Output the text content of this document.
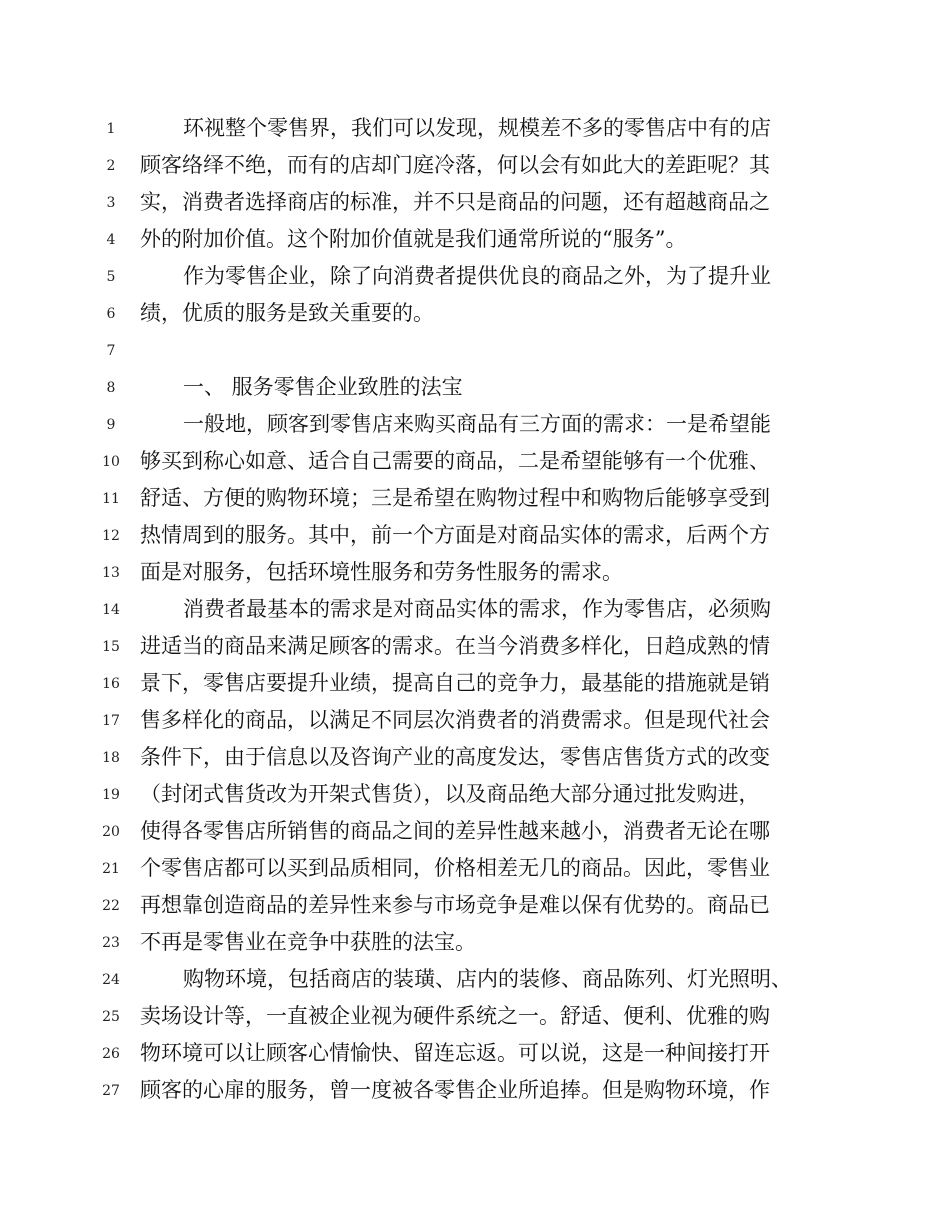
1	环视整个零售界，我们可以发现，规模差不多的零售店中有的店
2	顾客络绎不绝，而有的店却门庭冷落，何以会有如此大的差距呢？其
3	实，消费者选择商店的标准，并不只是商品的问题，还有超越商品之
4	外的附加价值。这个附加价值就是我们通常所说的“服务”。
5	作为零售企业，除了向消费者提供优良的商品之外，为了提升业
6	绩，优质的服务是致关重要的。
7
8	一、 服务零售企业致胜的法宝
9	一般地，顾客到零售店来购买商品有三方面的需求：一是希望能
10 够买到称心如意、适合自己需要的商品，二是希望能够有一个优雅、
11 舒适、方便的购物环境；三是希望在购物过程中和购物后能够享受到
12 热情周到的服务。其中，前一个方面是对商品实体的需求，后两个方
13 面是对服务，包括环境性服务和劳务性服务的需求。
14	消费者最基本的需求是对商品实体的需求，作为零售店，必须购
15 进适当的商品来满足顾客的需求。在当今消费多样化，日趋成熟的情
16 景下，零售店要提升业绩，提高自己的竞争力，最基能的措施就是销
17 售多样化的商品，以满足不同层次消费者的消费需求。但是现代社会
18 条件下，由于信息以及咨询产业的高度发达，零售店售货方式的改变
19 （封闭式售货改为开架式售货），以及商品绝大部分通过批发购进，
20 使得各零售店所销售的商品之间的差异性越来越小，消费者无论在哪
21 个零售店都可以买到品质相同，价格相差无几的商品。因此，零售业
22 再想靠创造商品的差异性来参与市场竞争是难以保有优势的。商品已
23 不再是零售业在竞争中获胜的法宝。
24	购物环境，包括商店的装璜、店内的装修、商品陈列、灯光照明、
25 卖场设计等，一直被企业视为硬件系统之一。舒适、便利、优雅的购
26 物环境可以让顾客心情愉快、留连忘返。可以说，这是一种间接打开
27 顾客的心扉的服务，曾一度被各零售企业所追捧。但是购物环境，作
